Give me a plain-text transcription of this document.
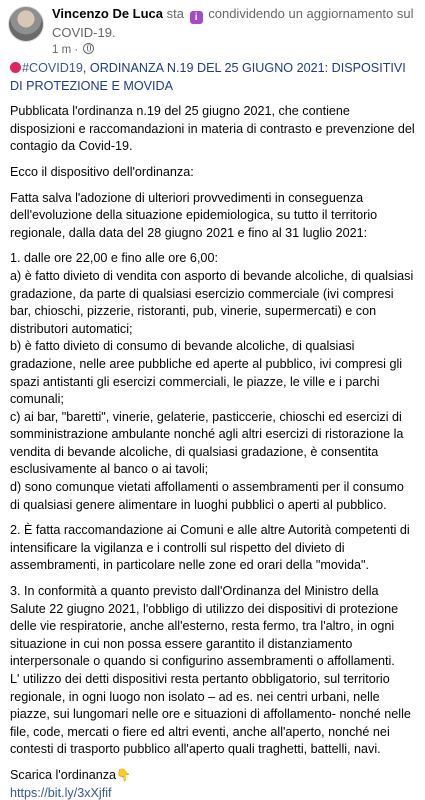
Vincenzo De Luca sta i condividendo un aggiornamento sul COVID-19.
1 m ·

#COVID19, ORDINANZA N.19 DEL 25 GIUGNO 2021: DISPOSITIVI DI PROTEZIONE E MOVIDA

Pubblicata l'ordinanza n.19 del 25 giugno 2021, che contiene disposizioni e raccomandazioni in materia di contrasto e prevenzione del contagio da Covid-19.

Ecco il dispositivo dell'ordinanza:

Fatta salva l'adozione di ulteriori provvedimenti in conseguenza dell'evoluzione della situazione epidemiologica, su tutto il territorio regionale, dalla data del 28 giugno 2021 e fino al 31 luglio 2021:

1. dalle ore 22,00 e fino alle ore 6,00:
a) è fatto divieto di vendita con asporto di bevande alcoliche, di qualsiasi gradazione, da parte di qualsiasi esercizio commerciale (ivi compresi bar, chioschi, pizzerie, ristoranti, pub, vinerie, supermercati) e con distributori automatici;
b) è fatto divieto di consumo di bevande alcoliche, di qualsiasi gradazione, nelle aree pubbliche ed aperte al pubblico, ivi compresi gli spazi antistanti gli esercizi commerciali, le piazze, le ville e i parchi comunali;
c) ai bar, "baretti", vinerie, gelaterie, pasticcerie, chioschi ed esercizi di somministrazione ambulante nonché agli altri esercizi di ristorazione la vendita di bevande alcoliche, di qualsiasi gradazione, è consentita esclusivamente al banco o ai tavoli;
d) sono comunque vietati affollamenti o assembramenti per il consumo di qualsiasi genere alimentare in luoghi pubblici o aperti al pubblico.

2. È fatta raccomandazione ai Comuni e alle altre Autorità competenti di intensificare la vigilanza e i controlli sul rispetto del divieto di assembramenti, in particolare nelle zone ed orari della "movida".

3. In conformità a quanto previsto dall'Ordinanza del Ministro della Salute 22 giugno 2021, l'obbligo di utilizzo dei dispositivi di protezione delle vie respiratorie, anche all'esterno, resta fermo, tra l'altro, in ogni situazione in cui non possa essere garantito il distanziamento interpersonale o quando si configurino assembramenti o affollamenti.
L' utilizzo dei detti dispositivi resta pertanto obbligatorio, sul territorio regionale, in ogni luogo non isolato – ad es. nei centri urbani, nelle piazze, sui lungomari nelle ore e situazioni di affollamento- nonché nelle file, code, mercati o fiere ed altri eventi, anche all'aperto, nonché nei contesti di trasporto pubblico all'aperto quali traghetti, battelli, navi.

Scarica l'ordinanza👇
https://bit.ly/3xXjfif
